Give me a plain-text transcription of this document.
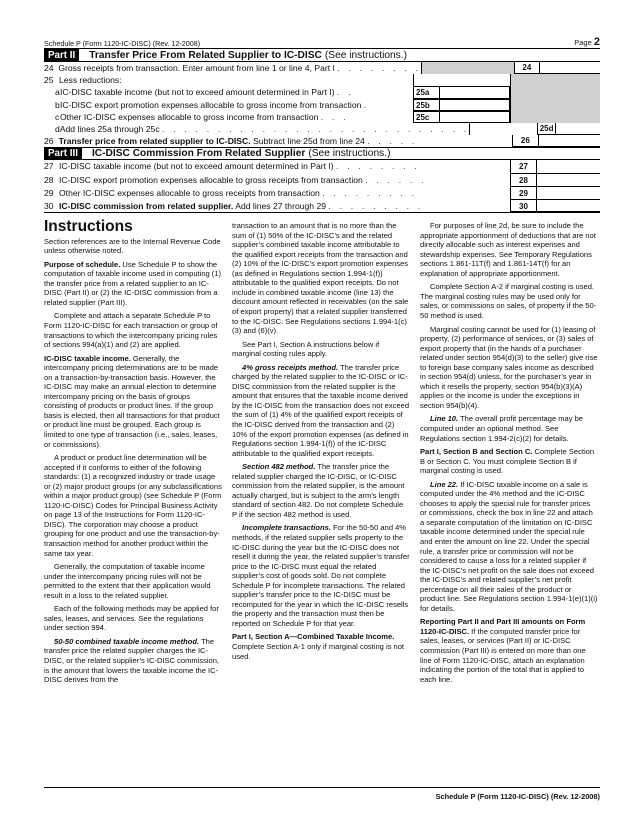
Schedule P (Form 1120-IC-DISC) (Rev. 12-2008)	Page 2
Part II	Transfer Price From Related Supplier to IC-DISC (See instructions.)
24 Gross receipts from transaction. Enter amount from line 1 or line 4, Part I . . . . . . . .	24
25 Less reductions:
a IC-DISC taxable income (but not to exceed amount determined in Part I) . .	25a
b IC-DISC export promotion expenses allocable to gross income from transaction .	25b
c Other IC-DISC expenses allocable to gross income from transaction . . .	25c
d Add lines 25a through 25c . . . . . . . . . . . . . . . . . . . . . . . . . . . .	25d
26 Transfer price from related supplier to IC-DISC. Subtract line 25d from line 24 . . . . .	26
Part III	IC-DISC Commission From Related Supplier (See instructions.)
27 IC-DISC taxable income (but not to exceed amount determined in Part I) . . . . . . . .	27
28 IC-DISC export promotion expenses allocable to gross receipts from transaction . . . . . .	28
29 Other IC-DISC expenses allocable to gross receipts from transaction . . . . . . . . .	29
30 IC-DISC commission from related supplier. Add lines 27 through 29 . . . . . . . . .	30
Instructions

Section references are to the Internal Revenue Code unless otherwise noted.

Purpose of schedule. Use Schedule P to show the computation of taxable income used in computing (1) the transfer price from a related supplier to an IC-DISC (Part II) or (2) the IC-DISC commission from a related supplier (Part III).

Complete and attach a separate Schedule P to Form 1120-IC-DISC for each transaction or group of transactions to which the intercompany pricing rules of sections 994(a)(1) and (2) are applied.

IC-DISC taxable income. Generally, the intercompany pricing determinations are to be made on a transaction-by-transaction basis. However, the IC-DISC may make an annual election to determine intercompany pricing on the basis of groups consisting of products or product lines. If the group basis is elected, then all transactions for that product or product line must be grouped. Each group is limited to one type of transaction (i.e., sales, leases, or commissions).

A product or product line determination will be accepted if it conforms to either of the following standards: (1) a recognized industry or trade usage or (2) major product groups (or any subclassifications within a major product group) (see Schedule P (Form 1120-IC-DISC) Codes for Principal Business Activity on page 13 of the Instructions for Form 1120-IC-DISC). The corporation may choose a product grouping for one product and use the transaction-by-transaction method for another product within the same tax year.

Generally, the computation of taxable income under the intercompany pricing rules will not be permitted to the extent that their application would result in a loss to the related supplier.

Each of the following methods may be applied for sales, leases, and services. See the regulations under section 994.

50-50 combined taxable income method. The transfer price the related supplier charges the IC-DISC, or the related supplier’s IC-DISC commission, is the amount that lowers the taxable income the IC-DISC derives from the

transaction to an amount that is no more than the sum of (1) 50% of the IC-DISC’s and the related supplier’s combined taxable income attributable to the qualified export receipts from the transaction and (2) 10% of the IC-DISC’s export promotion expenses (as defined in Regulations section 1.994-1(f)) attributable to the qualified export receipts. Do not include in combined taxable income (line 13) the discount amount reflected in receivables (on the sale of export property) that a related supplier transferred to the IC-DISC. See Regulations sections 1.994-1(c)(3) and (6)(v).

See Part I, Section A instructions below if marginal costing rules apply.

4% gross receipts method. The transfer price charged by the related supplier to the IC-DISC or IC-DISC commission from the related supplier is the amount that ensures that the taxable income derived by the IC-DISC from the transaction does not exceed the sum of (1) 4% of the qualified export receipts of the IC-DISC derived from the transaction and (2) 10% of the export promotion expenses (as defined in Regulations section 1.994-1(f)) of the IC-DISC attributable to the qualified export receipts.

Section 482 method. The transfer price the related supplier charged the IC-DISC, or IC-DISC commission from the related supplier, is the amount actually charged, but is subject to the arm’s length standard of section 482. Do not complete Schedule P if the section 482 method is used.

Incomplete transactions. For the 50-50 and 4% methods, if the related supplier sells property to the IC-DISC during the year but the IC-DISC does not resell it during the year, the related supplier’s transfer price to the IC-DISC must equal the related supplier’s cost of goods sold. Do not complete Schedule P for incomplete transactions. The related supplier’s transfer price to the IC-DISC must be recomputed for the year in which the IC-DISC resells the property and the transaction must then be reported on Schedule P for that year.

Part I, Section A—Combined Taxable Income. Complete Section A-1 only if marginal costing is not used.

For purposes of line 2d, be sure to include the appropriate apportionment of deductions that are not directly allocable such as interest expenses and stewardship expenses. See Temporary Regulations sections 1.861-11T(f) and 1.861-14T(f) for an explanation of appropriate apportionment.

Complete Section A-2 if marginal costing is used. The marginal costing rules may be used only for sales, or commissions on sales, of property if the 50-50 method is used.

Marginal costing cannot be used for (1) leasing of property, (2) performance of services, or (3) sales of export property that (in the hands of a purchaser related under section 954(d)(3) to the seller) give rise to foreign base company sales income as described in section 954(d) unless, for the purchaser’s year in which it resells the property, section 954(b)(3)(A) applies or the income is under the exceptions in section 954(b)(4).

Line 10. The overall profit percentage may be computed under an optional method. See Regulations section 1.994-2(c)(2) for details.

Part I, Section B and Section C. Complete Section B or Section C. You must complete Section B if marginal costing is used.

Line 22. If IC-DISC taxable income on a sale is computed under the 4% method and the IC-DISC chooses to apply the special rule for transfer prices or commissions, check the box in line 22 and attach a separate computation of the limitation on IC-DISC taxable income determined under the special rule and enter the amount on line 22. Under the special rule, a transfer price or commission will not be considered to cause a loss for a related supplier if the IC-DISC’s net profit on the sale does not exceed the IC-DISC’s and related supplier’s net profit percentage on all their sales of the product or product line. See Regulations section 1.994-1(e)(1)(i) for details.

Reporting Part II and Part III amounts on Form 1120-IC-DISC. If the computed transfer price for sales, leases, or services (Part II) or IC-DISC commission (Part III) is entered on more than one line of Form 1120-IC-DISC, attach an explanation indicating the portion of the total that is applied to each line.

Schedule P (Form 1120-IC-DISC) (Rev. 12-2008)
